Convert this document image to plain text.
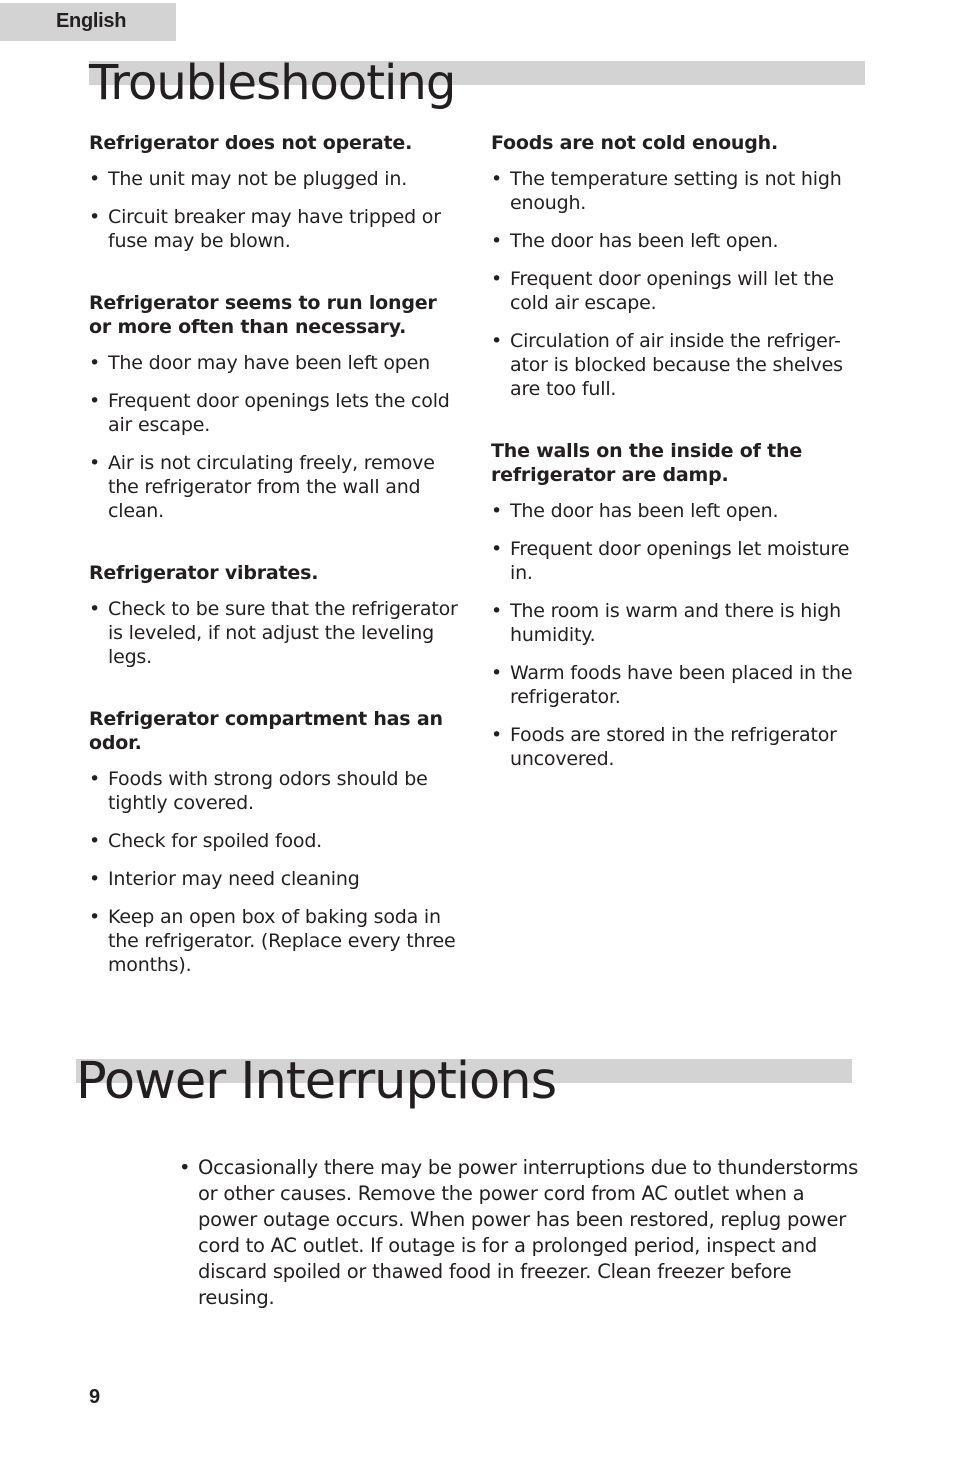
English
Troubleshooting
Refrigerator does not operate.
• The unit may not be plugged in.
• Circuit breaker may have tripped or fuse may be blown.
Refrigerator seems to run longer or more often than necessary.
• The door may have been left open
• Frequent door openings lets the cold air escape.
• Air is not circulating freely, remove the refrigerator from the wall and clean.
Refrigerator vibrates.
• Check to be sure that the refrigerator is leveled, if not adjust the leveling legs.
Refrigerator compartment has an odor.
• Foods with strong odors should be tightly covered.
• Check for spoiled food.
• Interior may need cleaning
• Keep an open box of baking soda in the refrigerator. (Replace every three months).
Foods are not cold enough.
• The temperature setting is not high enough.
• The door has been left open.
• Frequent door openings will let the cold air escape.
• Circulation of air inside the refriger-ator is blocked because the shelves are too full.
The walls on the inside of the refrigerator are damp.
• The door has been left open.
• Frequent door openings let moisture in.
• The room is warm and there is high humidity.
• Warm foods have been placed in the refrigerator.
• Foods are stored in the refrigerator uncovered.
Power Interruptions
• Occasionally there may be power interruptions due to thunderstorms or other causes. Remove the power cord from AC outlet when a power outage occurs. When power has been restored, replug power cord to AC outlet. If outage is for a prolonged period, inspect and discard spoiled or thawed food in freezer. Clean freezer before reusing.
9
